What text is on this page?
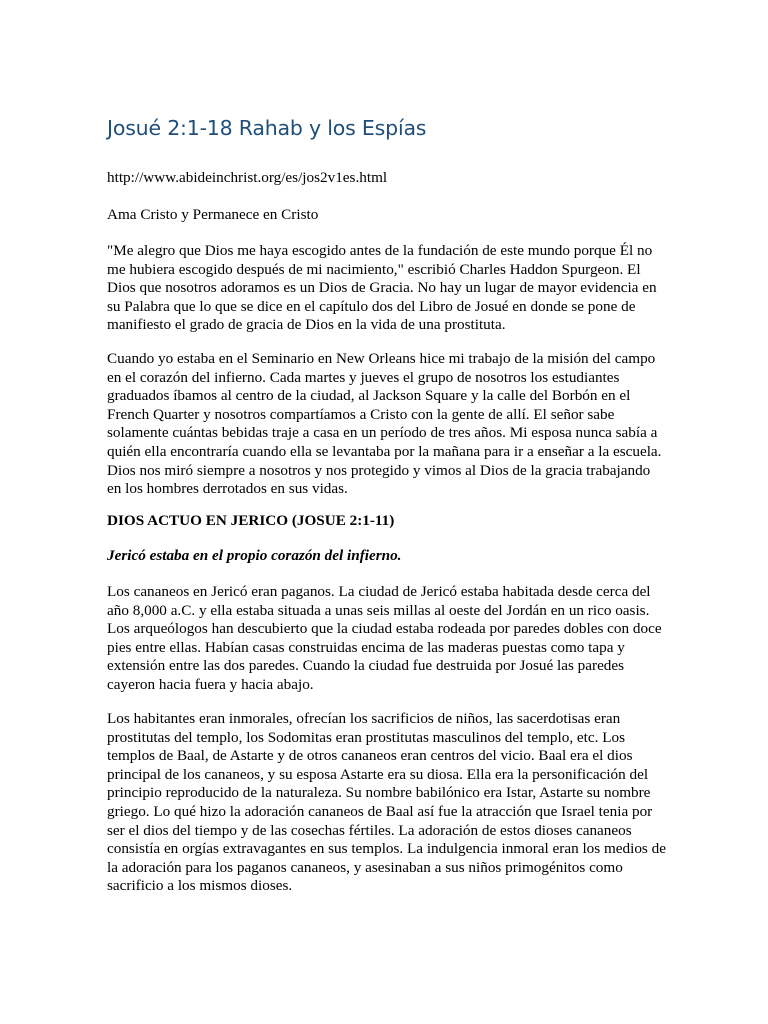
Josué 2:1-18 Rahab y los Espías

http://www.abideinchrist.org/es/jos2v1es.html

Ama Cristo y Permanece en Cristo

"Me alegro que Dios me haya escogido antes de la fundación de este mundo porque Él no
me hubiera escogido después de mi nacimiento," escribió Charles Haddon Spurgeon. El
Dios que nosotros adoramos es un Dios de Gracia. No hay un lugar de mayor evidencia en
su Palabra que lo que se dice en el capítulo dos del Libro de Josué en donde se pone de
manifiesto el grado de gracia de Dios en la vida de una prostituta.

Cuando yo estaba en el Seminario en New Orleans hice mi trabajo de la misión del campo
en el corazón del infierno. Cada martes y jueves el grupo de nosotros los estudiantes
graduados íbamos al centro de la ciudad, al Jackson Square y la calle del Borbón en el
French Quarter y nosotros compartíamos a Cristo con la gente de allí. El señor sabe
solamente cuántas bebidas traje a casa en un período de tres años. Mi esposa nunca sabía a
quién ella encontraría cuando ella se levantaba por la mañana para ir a enseñar a la escuela.
Dios nos miró siempre a nosotros y nos protegido y vimos al Dios de la gracia trabajando
en los hombres derrotados en sus vidas.

DIOS ACTUO EN JERICO (JOSUE 2:1-11)

Jericó estaba en el propio corazón del infierno.

Los cananeos en Jericó eran paganos. La ciudad de Jericó estaba habitada desde cerca del
año 8,000 a.C. y ella estaba situada a unas seis millas al oeste del Jordán en un rico oasis.
Los arqueólogos han descubierto que la ciudad estaba rodeada por paredes dobles con doce
pies entre ellas. Habían casas construidas encima de las maderas puestas como tapa y
extensión entre las dos paredes. Cuando la ciudad fue destruida por Josué las paredes
cayeron hacia fuera y hacia abajo.

Los habitantes eran inmorales, ofrecían los sacrificios de niños, las sacerdotisas eran
prostitutas del templo, los Sodomitas eran prostitutas masculinos del templo, etc. Los
templos de Baal, de Astarte y de otros cananeos eran centros del vicio. Baal era el dios
principal de los cananeos, y su esposa Astarte era su diosa. Ella era la personificación del
principio reproducido de la naturaleza. Su nombre babilónico era Istar, Astarte su nombre
griego. Lo qué hizo la adoración cananeos de Baal así fue la atracción que Israel tenia por
ser el dios del tiempo y de las cosechas fértiles. La adoración de estos dioses cananeos
consistía en orgías extravagantes en sus templos. La indulgencia inmoral eran los medios de
la adoración para los paganos cananeos, y asesinaban a sus niños primogénitos como
sacrificio a los mismos dioses.
